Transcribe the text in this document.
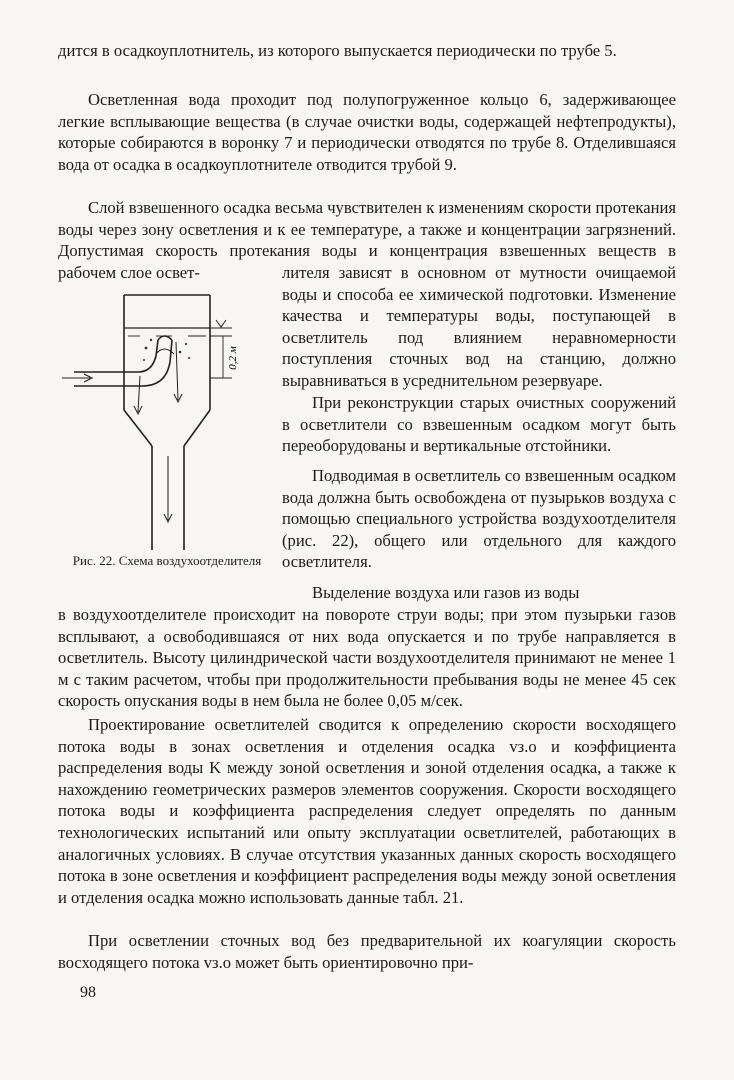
дится в осадкоуплотнитель, из которого выпускается периодически по трубе 5.

Осветленная вода проходит под полупогруженное кольцо 6, задерживающее легкие всплывающие вещества (в случае очистки воды, содержащей нефтепродукты), которые собираются в воронку 7 и периодически отводятся по трубе 8. Отделившаяся вода от осадка в осадкоуплотнителе отводится трубой 9.

Слой взвешенного осадка весьма чувствителен к изменениям скорости протекания воды через зону осветления и к ее температуре, а также и концентрации загрязнений. Допустимая скорость протекания воды и концентрация взвешенных веществ в рабочем слое освет-	лителя зависят в основном от мутности очищаемой воды и способа ее химической подготовки. Изменение качества и температуры воды, поступающей в осветлитель под влиянием неравномерности поступления сточных вод на станцию, должно выравниваться в усреднительном резервуаре.

При реконструкции старых очистных сооружений в осветлители со взвешенным осадком могут быть переоборудованы и вертикальные отстойники.

Подводимая в осветлитель со взвешенным осадком вода должна быть освобождена от пузырьков воздуха с помощью специального устройства воздухоотделителя (рис. 22), общего или отдельного для каждого осветлителя.

Выделение воздуха или газов из воды

в воздухоотделителе происходит на повороте струи воды; при этом пузырьки газов всплывают, а освободившаяся от них вода опускается и по трубе направляется в осветлитель. Высоту цилиндрической части воздухоотделителя принимают не менее 1 м с таким расчетом, чтобы при продолжительности пребывания воды не менее 45 сек скорость опускания воды в нем была не более 0,05 м/сек.

Проектирование осветлителей сводится к определению скорости восходящего потока воды в зонах осветления и отделения осадка vз.о и коэффициента распределения воды K между зоной осветления и зоной отделения осадка, а также к нахождению геометрических размеров элементов сооружения. Скорости восходящего потока воды и коэффициента распределения следует определять по данным технологических испытаний или опыту эксплуатации осветлителей, работающих в аналогичных условиях. В случае отсутствия указанных данных скорость восходящего потока в зоне осветления и коэффициент распределения воды между зоной осветления и отделения осадка можно использовать данные табл. 21.

При осветлении сточных вод без предварительной их коагуляции скорость восходящего потока vз.о может быть ориентировочно при-

98
0,2 м
Рис. 22. Схема воздухоотделителя
